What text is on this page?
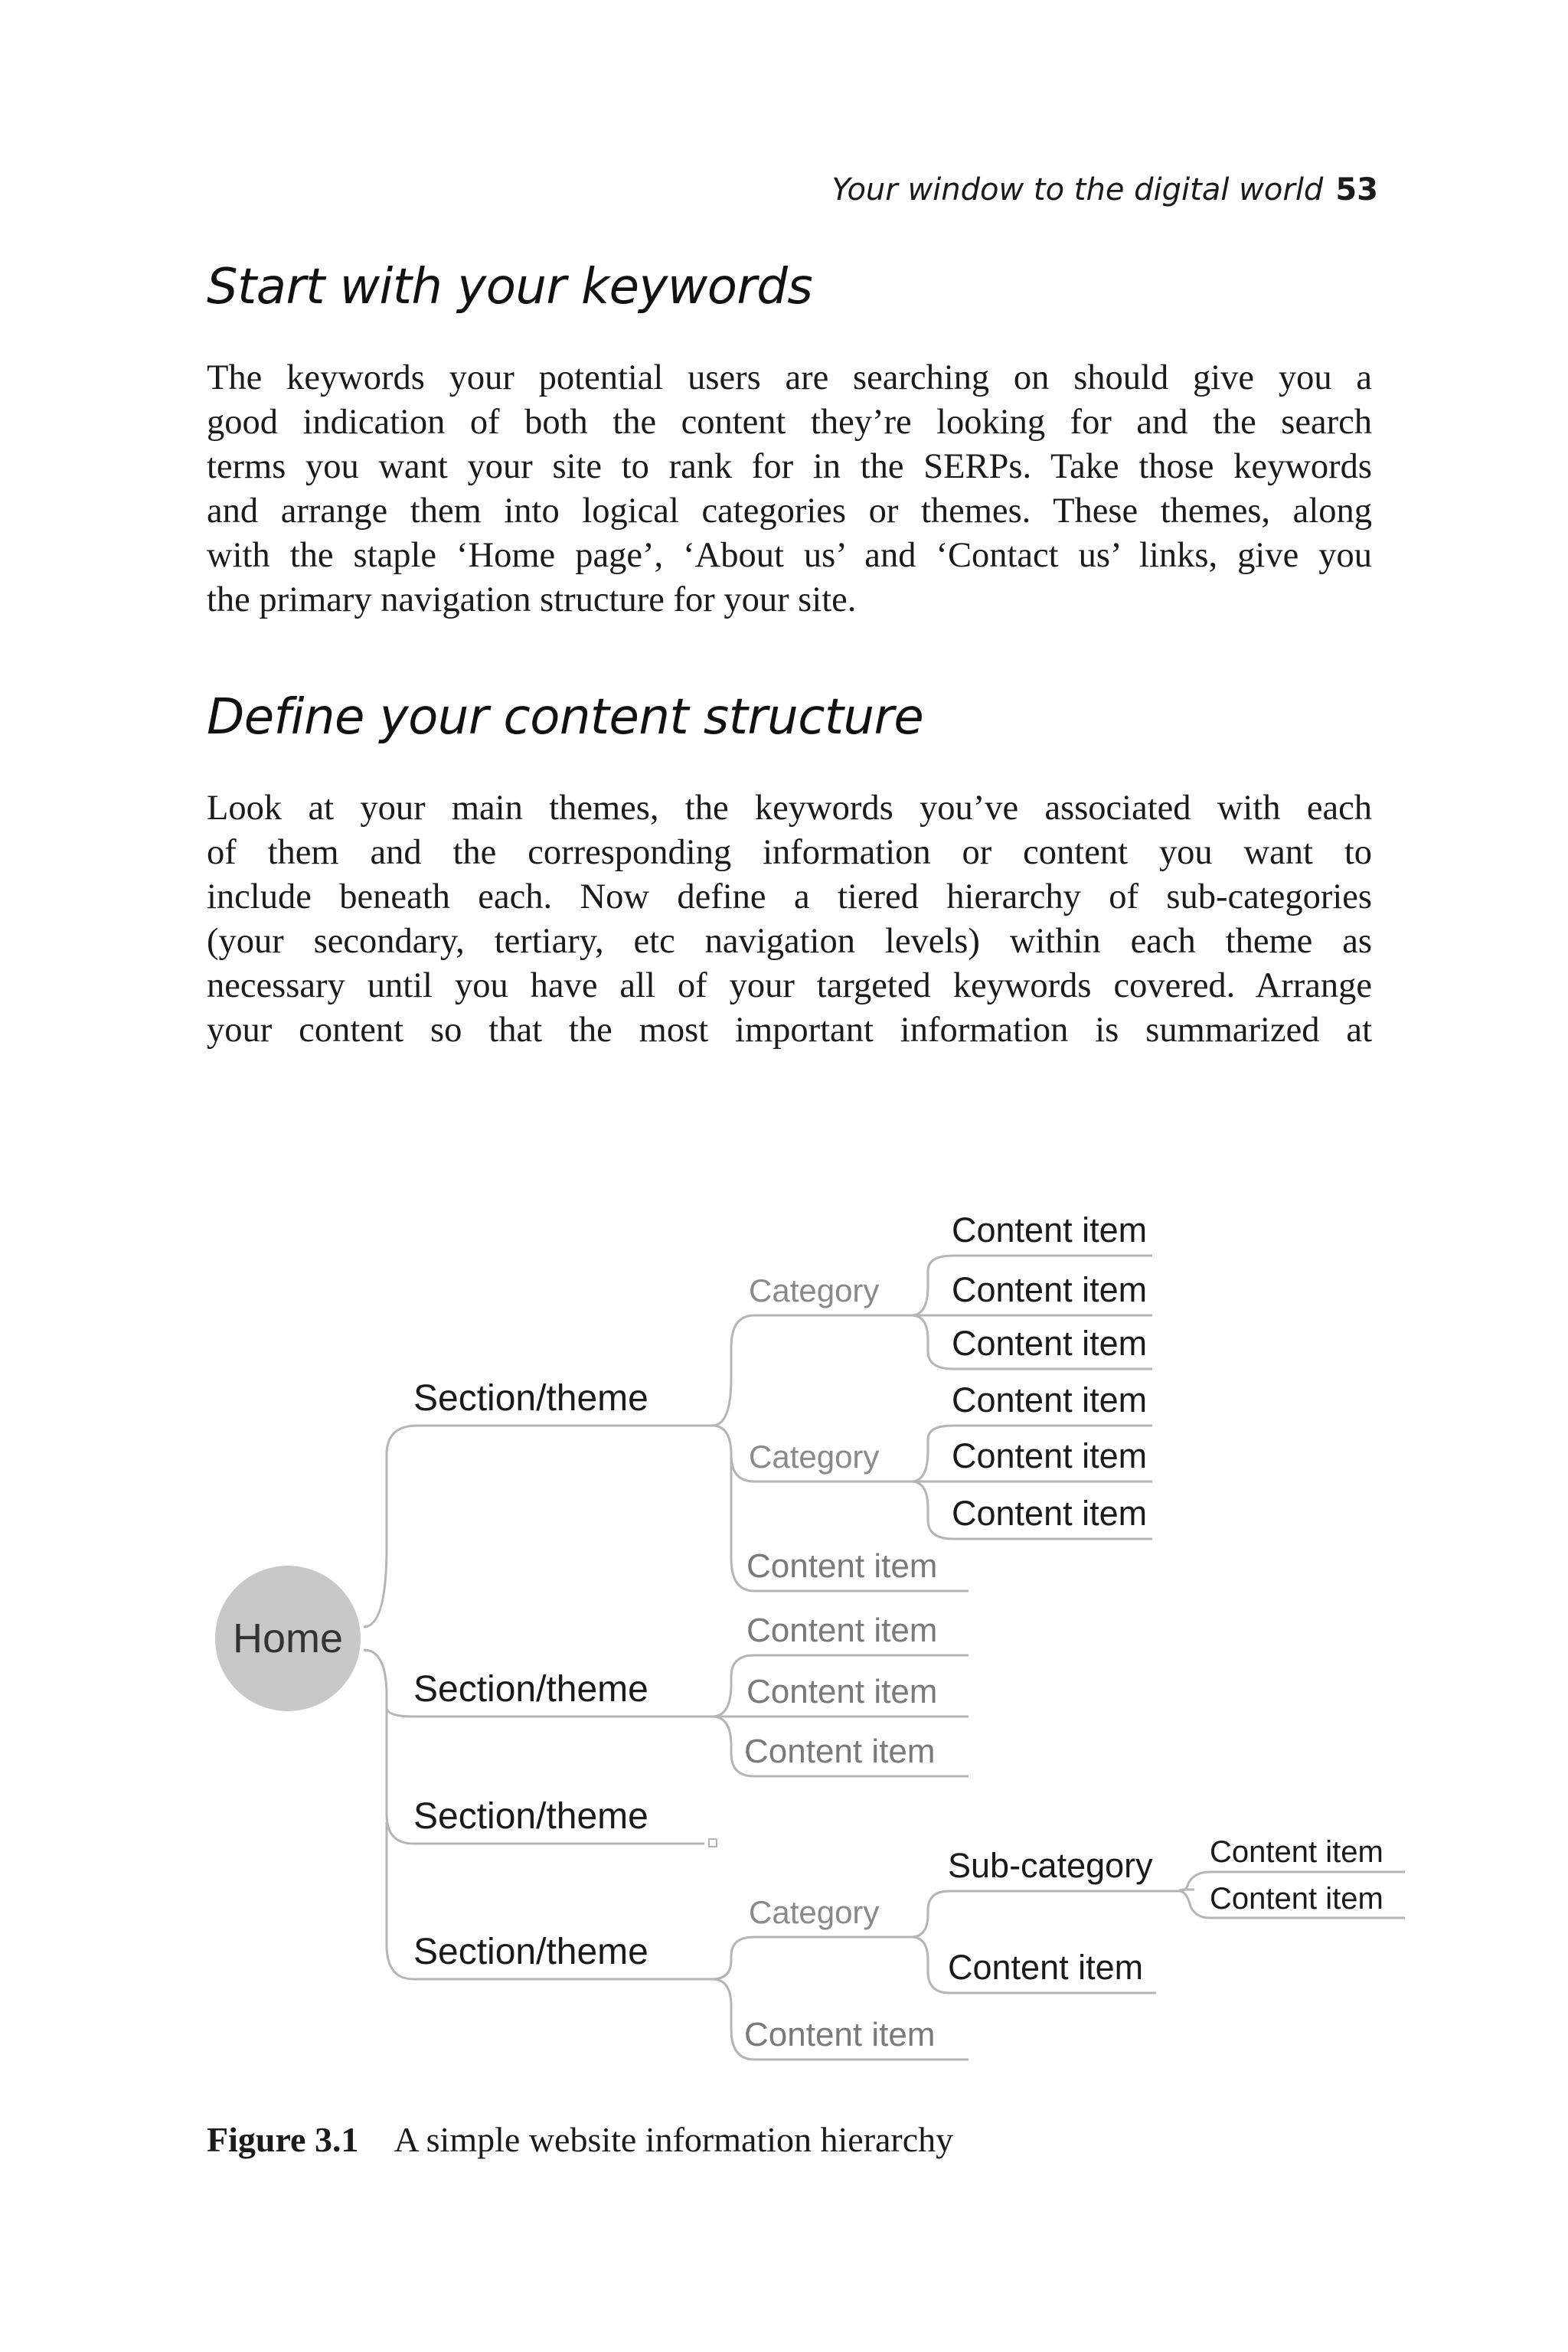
Your window to the digital world 53
Start with your keywords
The keywords your potential users are searching on should give you a
good indication of both the content they’re looking for and the search
terms you want your site to rank for in the SERPs. Take those keywords
and arrange them into logical categories or themes. These themes, along
with the staple ‘Home page’, ‘About us’ and ‘Contact us’ links, give you
the primary navigation structure for your site.
Define your content structure
Look at your main themes, the keywords you’ve associated with each
of them and the corresponding information or content you want to
include beneath each. Now define a tiered hierarchy of sub-categories
(your secondary, tertiary, etc navigation levels) within each theme as
necessary until you have all of your targeted keywords covered. Arrange
your content so that the most important information is summarized at
Home
Section/theme
Section/theme
Section/theme
Section/theme
Category
Category
Content item
Content item
Content item
Content item
Content item
Content item
Content item
Content item
Content item
Content item
Category
Content item
Sub-category
Content item
Content item
Content item
Figure 3.1 A simple website information hierarchy
